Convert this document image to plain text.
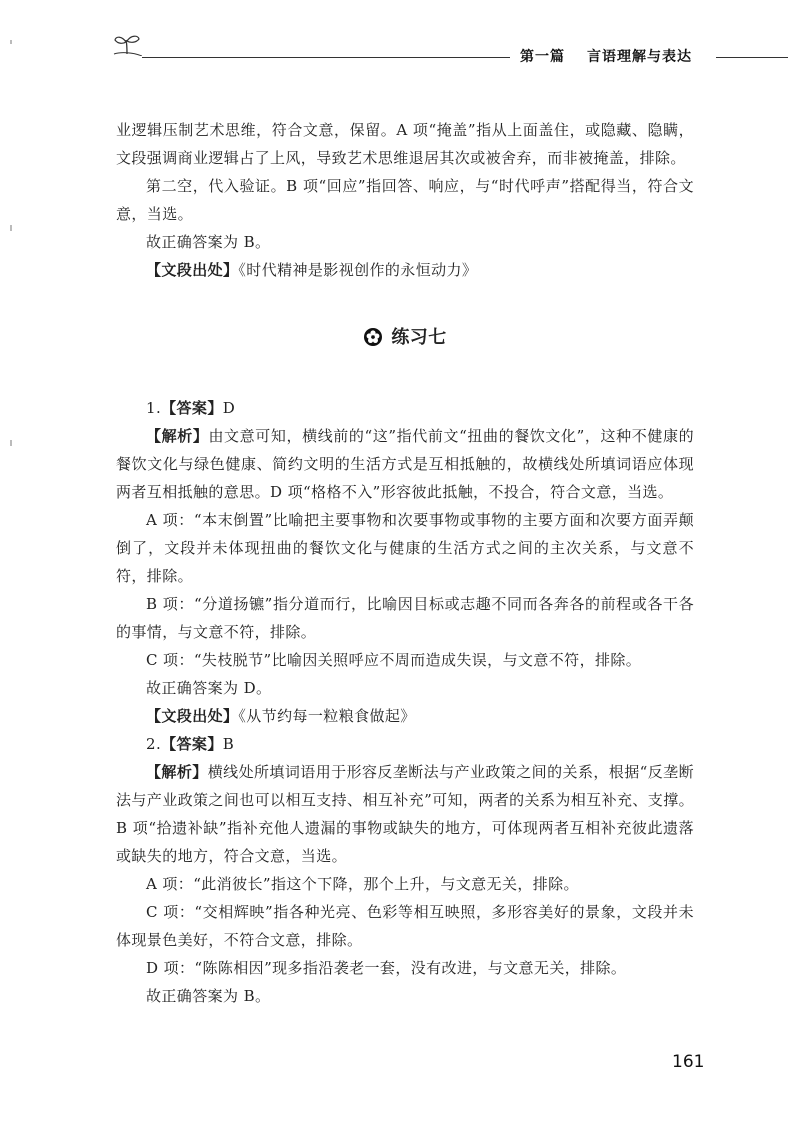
第一篇 言语理解与表达

业逻辑压制艺术思维，符合文意，保留。A 项“掩盖”指从上面盖住，或隐藏、隐瞒，文段强调商业逻辑占了上风，导致艺术思维退居其次或被舍弃，而非被掩盖，排除。

第二空，代入验证。B 项“回应”指回答、响应，与“时代呼声”搭配得当，符合文意，当选。

故正确答案为 B。

【文段出处】《时代精神是影视创作的永恒动力》

练习七

1.【答案】D

【解析】由文意可知，横线前的“这”指代前文“扭曲的餐饮文化”，这种不健康的餐饮文化与绿色健康、简约文明的生活方式是互相抵触的，故横线处所填词语应体现两者互相抵触的意思。D 项“格格不入”形容彼此抵触，不投合，符合文意，当选。

A 项：“本末倒置”比喻把主要事物和次要事物或事物的主要方面和次要方面弄颠倒了，文段并未体现扭曲的餐饮文化与健康的生活方式之间的主次关系，与文意不符，排除。

B 项：“分道扬镳”指分道而行，比喻因目标或志趣不同而各奔各的前程或各干各的事情，与文意不符，排除。

C 项：“失枝脱节”比喻因关照呼应不周而造成失误，与文意不符，排除。

故正确答案为 D。

【文段出处】《从节约每一粒粮食做起》

2.【答案】B

【解析】横线处所填词语用于形容反垄断法与产业政策之间的关系，根据“反垄断法与产业政策之间也可以相互支持、相互补充”可知，两者的关系为相互补充、支撑。B 项“拾遗补缺”指补充他人遗漏的事物或缺失的地方，可体现两者互相补充彼此遗落或缺失的地方，符合文意，当选。

A 项：“此消彼长”指这个下降，那个上升，与文意无关，排除。

C 项：“交相辉映”指各种光亮、色彩等相互映照，多形容美好的景象，文段并未体现景色美好，不符合文意，排除。

D 项：“陈陈相因”现多指沿袭老一套，没有改进，与文意无关，排除。

故正确答案为 B。

161
